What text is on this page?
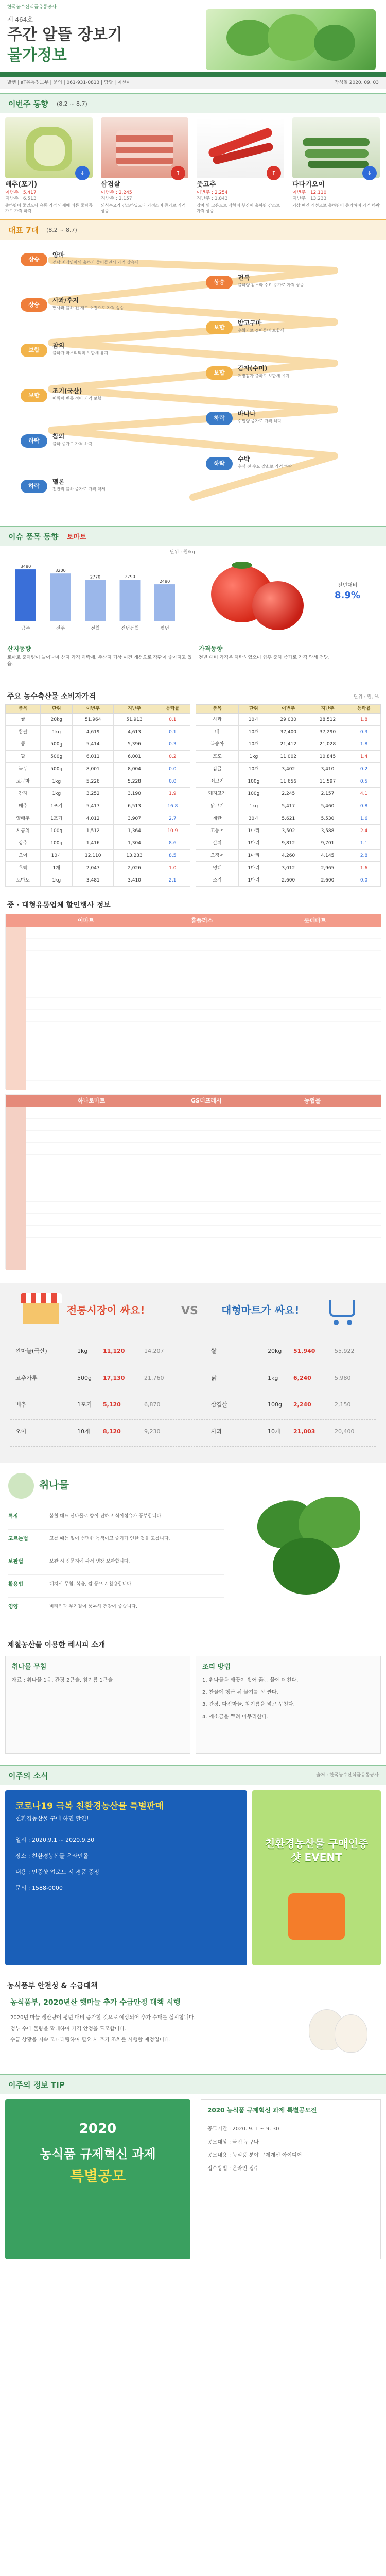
한국농수산식품유통공사
제 464호
주간 알뜰 장보기
물가정보
발행 | aT유통정보부 | 문의 | 061-931-0813 | 담당 | 이선미	작성일 2020. 09. 03
이번주 동향 (8.2 ~ 8.7)
↓
배추(포기)
이번주 : 5,417
지난주 : 6,513
출하량이 줄었으나 유통 가격 약세에 따른 물량증가로 가격 하락
↑
삼겹살
이번주 : 2,245
지난주 : 2,157
외식수요가 감소하였으나 가정소비 증가로 가격 상승
↑
풋고추
이번주 : 2,254
지난주 : 1,843
장마 및 고온으로 작황이 부진해 출하량 감소로 가격 상승
↓
다다기오이
이번주 : 12,110
지난주 : 13,233
기상 여건 개선으로 출하량이 증가하여 가격 하락
대표 7대 (8.2 ~ 8.7)
상승
양파
전남 저장양파의 출하가 줄어들면서 가격 상승세
상승
전복
출하량 감소와 수요 증가로 가격 상승
상승
사과/후지
햇사과 출하 전 재고 소진으로 가격 상승
보합
밤고구마
수확기로 접어들며 보합세
보합
참외
출하가 마무리되며 보합세 유지
보합
감자(수미)
저장감자 출하로 보합세 유지
보합
조기(국산)
어획량 변동 적어 가격 보합
하락
바나나
수입량 증가로 가격 하락
하락
참외
출하 증가로 가격 하락
하락
수박
추석 전 수요 감소로 가격 하락
하락
멜론
전반적 출하 증가로 가격 약세
이슈 품목 동향 토마토
단위 : 원/kg
금주
3480
전주
3200
전월
2770
전년동월
2790
평년
2480
전년대비
8.9%
산지동향
토마토 출하량이 늘어나며 산지 가격 하락세. 주산지 기상 여건 개선으로 작황이 좋아지고 있음.
가격동향
전년 대비 가격은 하락하였으며 향후 출하 증가로 가격 약세 전망.
주요 농수축산물 소비자가격	단위 : 원, %
품목	단위	이번주	지난주	등락률
쌀	20kg	51,964	51,913	0.1
찹쌀	1kg	4,619	4,613	0.1
콩	500g	5,414	5,396	0.3
팥	500g	6,011	6,001	0.2
녹두	500g	8,001	8,004	0.0
고구마	1kg	5,226	5,228	0.0
감자	1kg	3,252	3,190	1.9
배추	1포기	5,417	6,513	16.8
양배추	1포기	4,012	3,907	2.7
시금치	100g	1,512	1,364	10.9
상추	100g	1,416	1,304	8.6
오이	10개	12,110	13,233	8.5
호박	1개	2,047	2,026	1.0
토마토	1kg	3,481	3,410	2.1
품목	단위	이번주	지난주	등락률
사과	10개	29,030	28,512	1.8
배	10개	37,400	37,290	0.3
복숭아	10개	21,412	21,028	1.8
포도	1kg	11,002	10,845	1.4
감귤	10개	3,402	3,410	0.2
쇠고기	100g	11,656	11,597	0.5
돼지고기	100g	2,245	2,157	4.1
닭고기	1kg	5,417	5,460	0.8
계란	30개	5,621	5,530	1.6
고등어	1마리	3,502	3,588	2.4
갈치	1마리	9,812	9,701	1.1
오징어	1마리	4,260	4,145	2.8
명태	1마리	3,012	2,965	1.6
조기	1마리	2,600	2,600	0.0
중 · 대형유통업체 할인행사 정보
이마트	홈플러스	롯데마트
하나로마트	GS더프레시	농협몰
전통시장이 싸요!	VS 대형마트가 싸요!
깐마늘(국산)	1kg	11,120	14,207	쌀	20kg 51,940	55,922
고추가루	500g 17,130	21,760	닭	1kg	6,240	5,980
배추	1포기 5,120	6,870	삼겹살	100g 2,240	2,150
오이	10개 8,120	9,230	사과	10개 21,003	20,400
취나물
특징	봄철 대표 산나물로 향이 진하고 식이섬유가 풍부합니다.
고르는법	고를 때는 잎이 선명한 녹색이고 줄기가 연한 것을 고릅니다.
보관법	보관 시 신문지에 싸서 냉장 보관합니다.
활용법	데쳐서 무침, 볶음, 쌈 등으로 활용합니다.
영양	비타민과 무기질이 풍부해 건강에 좋습니다.
제철농산물 이용한 레시피 소개
취나물 무침
재료 : 취나물 1봉, 간장 2큰술, 참기름 1큰술
조리 방법
1. 취나물을 깨끗이 씻어 끓는 물에 데친다.
2. 찬물에 헹군 뒤 물기를 꼭 짠다.
3. 간장, 다진마늘, 참기름을 넣고 무친다.
4. 깨소금을 뿌려 마무리한다.
이주의 소식	출처 : 한국농수산식품유통공사
코로나19 극복 친환경농산물 특별판매
친환경농산물 구매 하면 할인!
일시 : 2020.9.1 ~ 2020.9.30
장소 : 친환경농산물 온라인몰
내용 : 인증샷 업로드 시 경품 증정
문의 : 1588-0000
친환경농산물 구매인증샷 EVENT
농식품부 안전성 & 수급대책
농식품부, 2020년산 햇마늘 추가 수급안정 대책 시행
2020년 마늘 생산량이 평년 대비 증가할 것으로 예상되어 추가 수매를 실시합니다.
정부 수매 물량을 확대하여 가격 안정을 도모합니다.
수급 상황을 지속 모니터링하여 필요 시 추가 조치를 시행할 예정입니다.
이주의 정보 TIP
2020
농식품 규제혁신 과제
특별공모
2020 농식품 규제혁신 과제 특별공모전
공모기간 : 2020. 9. 1 ~ 9. 30
공모대상 : 국민 누구나
공모내용 : 농식품 분야 규제개선 아이디어
접수방법 : 온라인 접수
